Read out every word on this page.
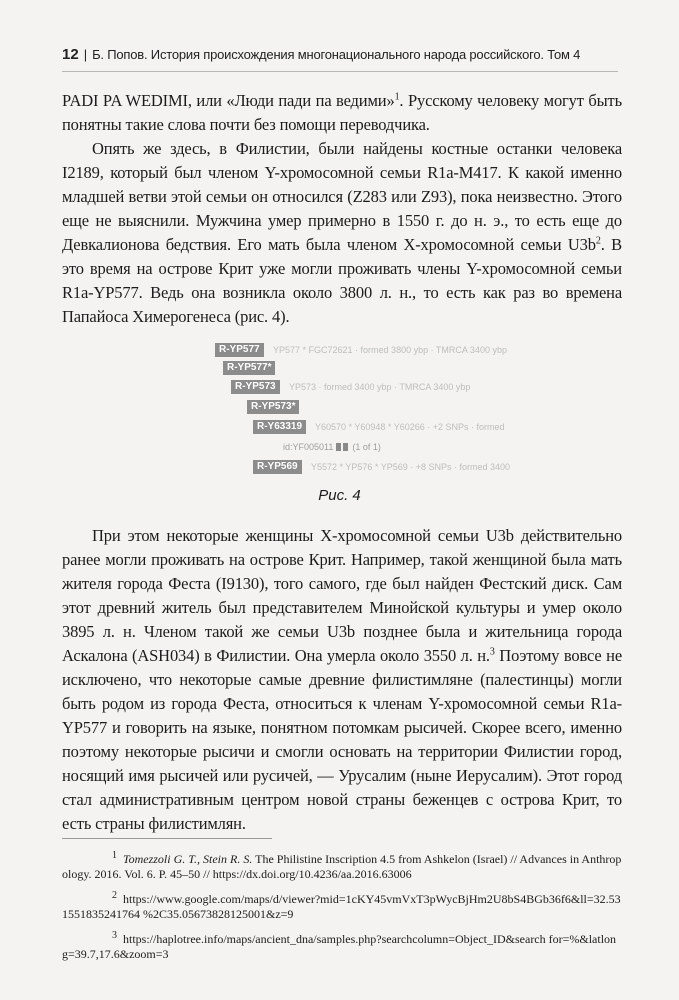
12 | Б. Попов. История происхождения многонационального народа российского. Том 4

PADI PA WEDIMI, или «Люди пади па ведими»$^1$. Русскому человеку могут быть понятны такие слова почти без помощи переводчика.

Опять же здесь, в Филистии, были найдены костные останки человека I2189, который был членом Y-хромосомной семьи R1a-M417. К какой именно младшей ветви этой семьи он относился (Z283 или Z93), пока неизвестно. Этого еще не выяснили. Мужчина умер примерно в 1550 г. до н. э., то есть еще до Девкалионова бедствия. Его мать была членом X-хромосомной семьи $U3b^2$. В это время на острове Крит уже могли проживать члены Y-хромосомной семьи R1a-YP577. Ведь она возникла около 3800 л. н., то есть как раз во времена Папайоса Химерогенеса (рис. 4).

R-YP577	YP577 * FGC72621 · formed 3800 ybp · TMRCA 3400 ybp
R-YP577*
R-YP573	YP573 · formed 3400 ybp · TMRCA 3400 ybp
R-YP573*
R-Y63319	Y60570 * Y60948 * Y60266 · +2 SNPs · formed
id:YF005011 (1 of 1)
R-YP569	Y5572 * YP576 * YP569 · +8 SNPs · formed 3400
Рис. 4

При этом некоторые женщины X-хромосомной семьи U3b действительно ранее могли проживать на острове Крит. Например, такой женщиной была мать жителя города Феста (I9130), того самого, где был найден Фестский диск. Сам этот древний житель был представителем Минойской культуры и умер около 3895 л. н. Членом такой же семьи U3b позднее была и жительница города Аскалона (ASH034) в Филистии. Она умерла около 3550 л. н.$^3$ Поэтому вовсе не исключено, что некоторые самые древние филистимляне (палестинцы) могли быть родом из города Феста, относиться к членам Y-хромосомной семьи R1a-YP577 и говорить на языке, понятном потомкам рысичей. Скорее всего, именно поэтому некоторые рысичи и смогли основать на территории Филистии город, носящий имя рысичей или русичей, — Урусалим (ныне Иерусалим). Этот город стал административным центром новой страны беженцев с острова Крит, то есть страны филистимлян.

$^1$ Tomezzoli G. T., Stein R. S. The Philistine Inscription 4.5 from Ashkelon (Israel) // Advances in Anthropology. 2016. Vol. 6. P. 45–50 // https://dx.doi.org/10.4236/aa.2016.63006

$^2$ https://www.google.com/maps/d/viewer?mid=1cKY45vmVxT3pWycBjHm2U8bS4BGb36f6&ll=32.531551835241764 %2C35.05673828125001&z=9

$^3$ https://haplotree.info/maps/ancient_dna/samples.php?searchcolumn=Object_ID&search for=%&latlong=39.7,17.6&zoom=3
